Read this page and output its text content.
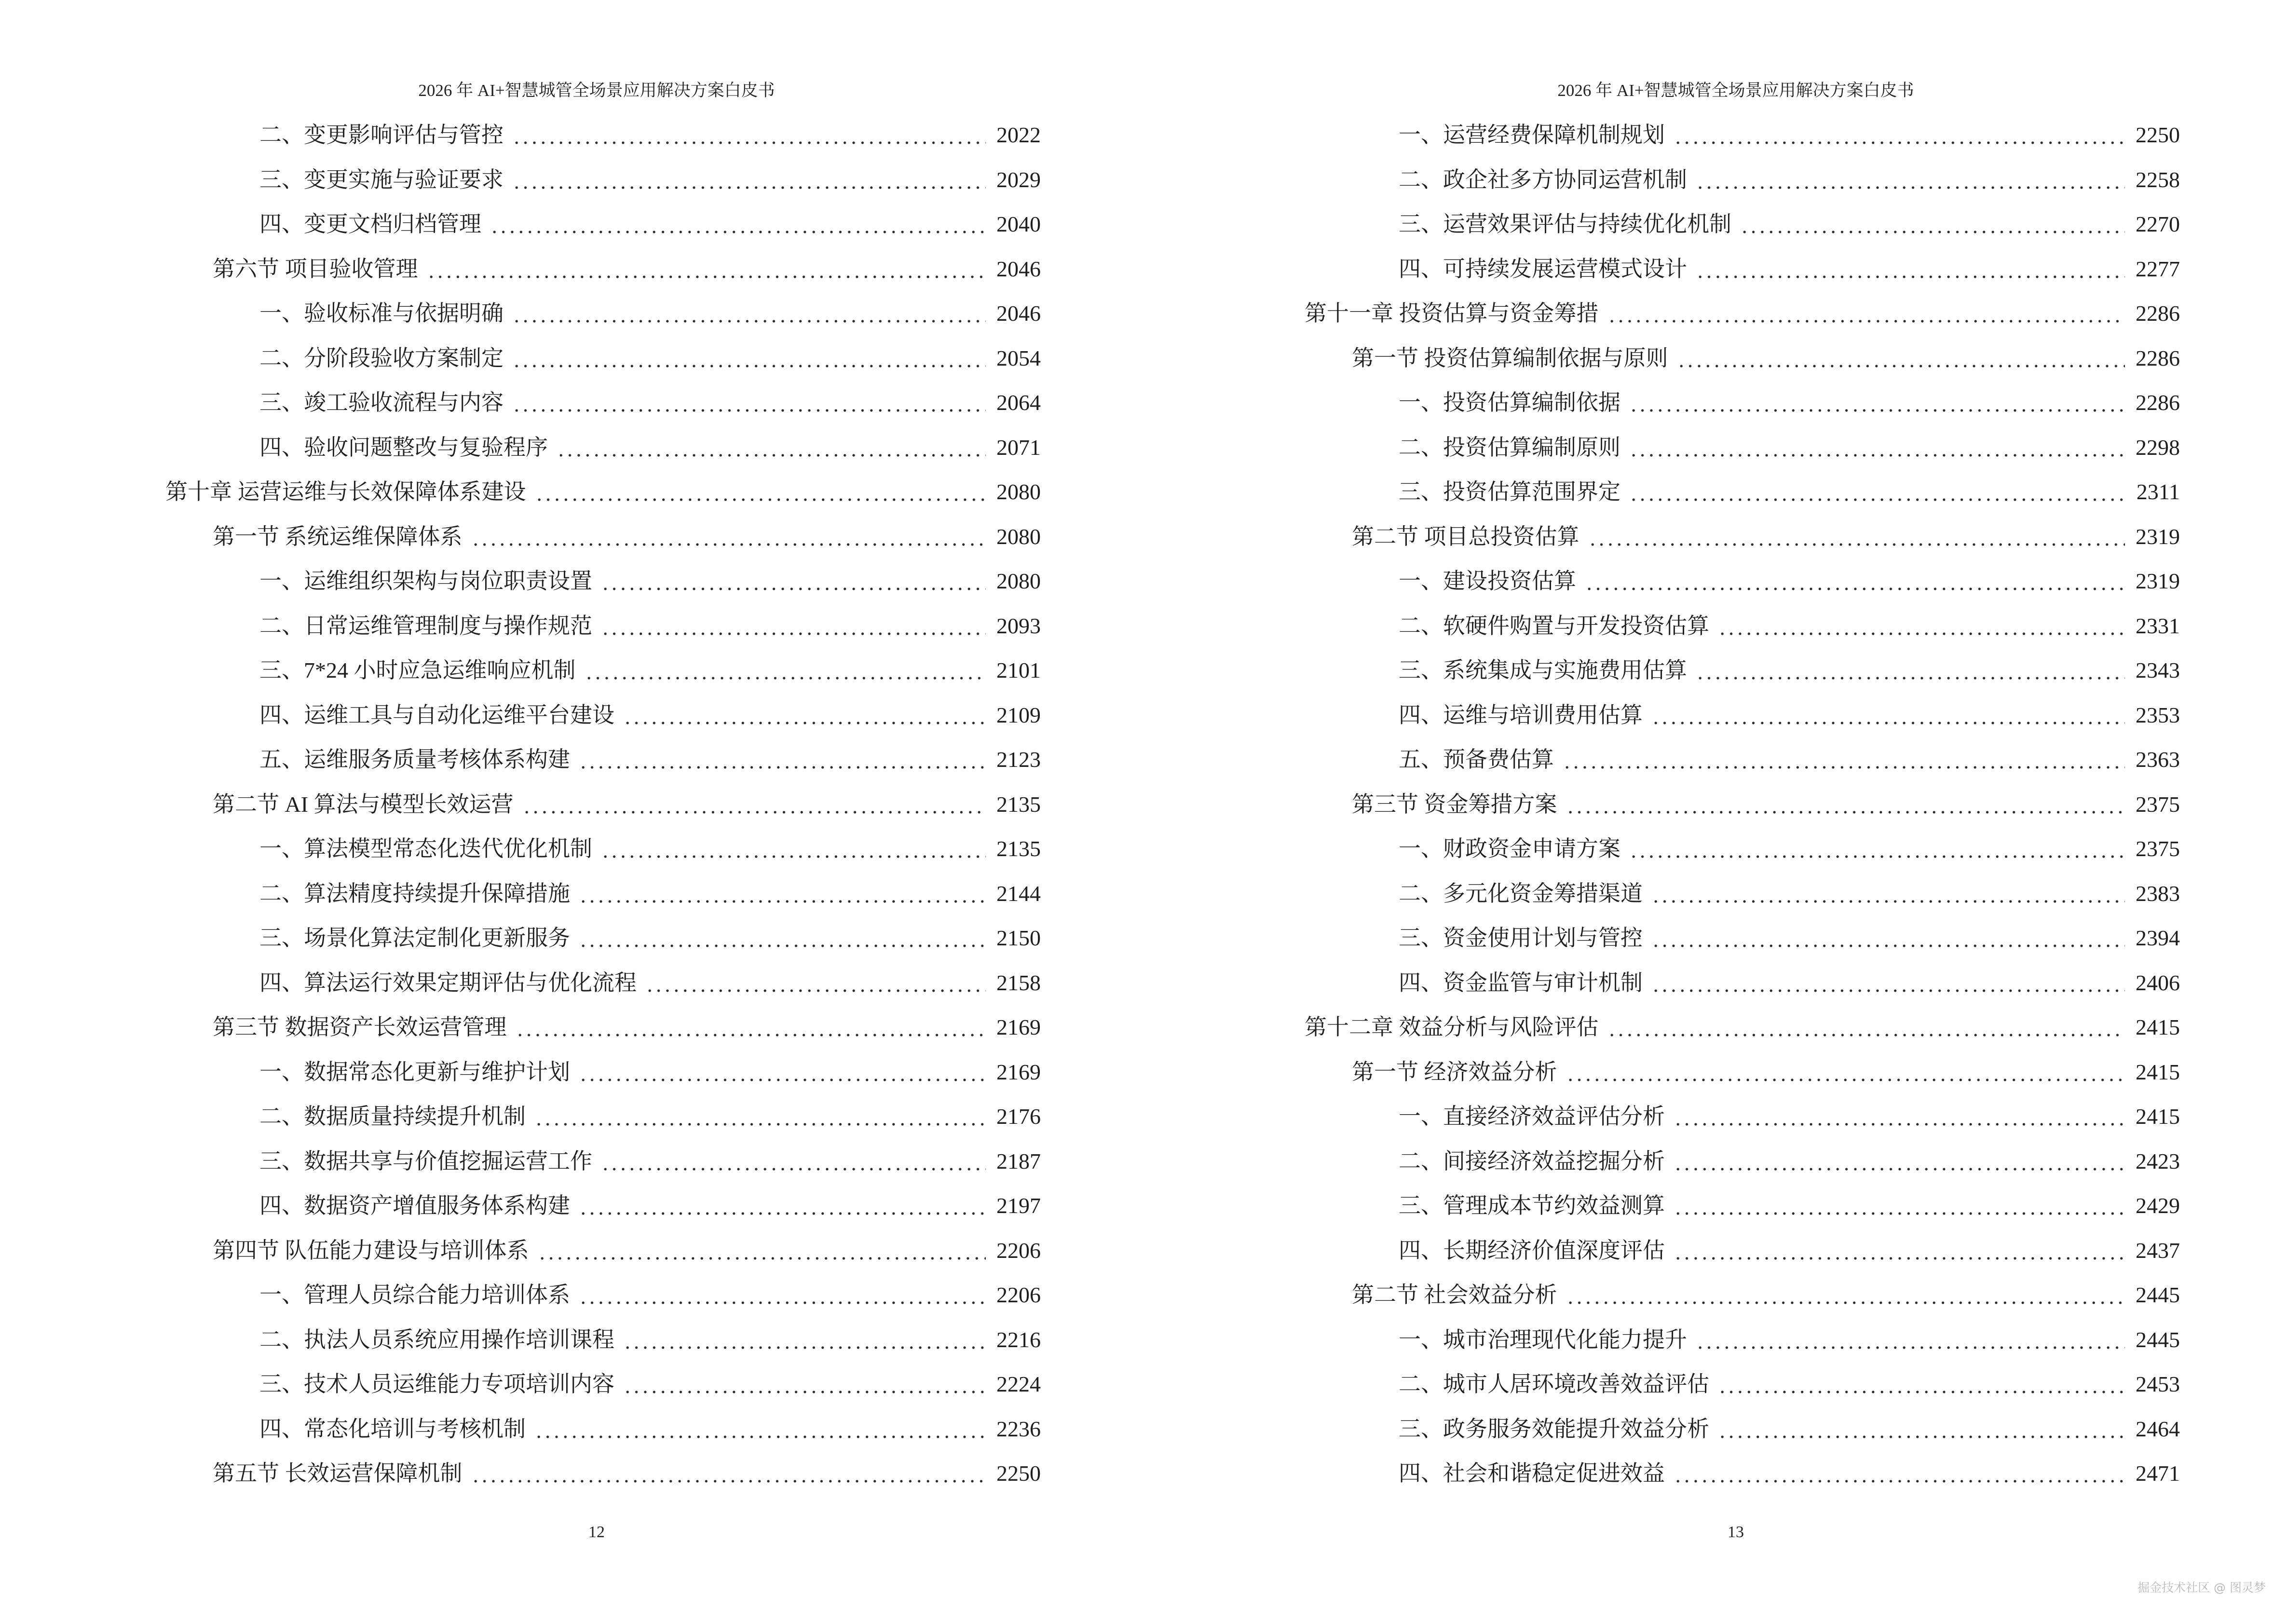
2026 年 AI+智慧城管全场景应用解决方案白皮书
二、变更影响评估与管控	2022
三、变更实施与验证要求	2029
四、变更文档归档管理	2040
第六节 项目验收管理	2046
一、验收标准与依据明确	2046
二、分阶段验收方案制定	2054
三、竣工验收流程与内容	2064
四、验收问题整改与复验程序	2071
第十章 运营运维与长效保障体系建设	2080
第一节 系统运维保障体系	2080
一、运维组织架构与岗位职责设置	2080
二、日常运维管理制度与操作规范	2093
三、7*24 小时应急运维响应机制	2101
四、运维工具与自动化运维平台建设	2109
五、运维服务质量考核体系构建	2123
第二节 AI 算法与模型长效运营	2135
一、算法模型常态化迭代优化机制	2135
二、算法精度持续提升保障措施	2144
三、场景化算法定制化更新服务	2150
四、算法运行效果定期评估与优化流程	2158
第三节 数据资产长效运营管理	2169
一、数据常态化更新与维护计划	2169
二、数据质量持续提升机制	2176
三、数据共享与价值挖掘运营工作	2187
四、数据资产增值服务体系构建	2197
第四节 队伍能力建设与培训体系	2206
一、管理人员综合能力培训体系	2206
二、执法人员系统应用操作培训课程	2216
三、技术人员运维能力专项培训内容	2224
四、常态化培训与考核机制	2236
第五节 长效运营保障机制	2250
12
2026 年 AI+智慧城管全场景应用解决方案白皮书
一、运营经费保障机制规划	2250
二、政企社多方协同运营机制	2258
三、运营效果评估与持续优化机制	2270
四、可持续发展运营模式设计	2277
第十一章 投资估算与资金筹措	2286
第一节 投资估算编制依据与原则	2286
一、投资估算编制依据	2286
二、投资估算编制原则	2298
三、投资估算范围界定	2311
第二节 项目总投资估算	2319
一、建设投资估算	2319
二、软硬件购置与开发投资估算	2331
三、系统集成与实施费用估算	2343
四、运维与培训费用估算	2353
五、预备费估算	2363
第三节 资金筹措方案	2375
一、财政资金申请方案	2375
二、多元化资金筹措渠道	2383
三、资金使用计划与管控	2394
四、资金监管与审计机制	2406
第十二章 效益分析与风险评估	2415
第一节 经济效益分析	2415
一、直接经济效益评估分析	2415
二、间接经济效益挖掘分析	2423
三、管理成本节约效益测算	2429
四、长期经济价值深度评估	2437
第二节 社会效益分析	2445
一、城市治理现代化能力提升	2445
二、城市人居环境改善效益评估	2453
三、政务服务效能提升效益分析	2464
四、社会和谐稳定促进效益	2471
13
掘金技术社区 @ 图灵梦
